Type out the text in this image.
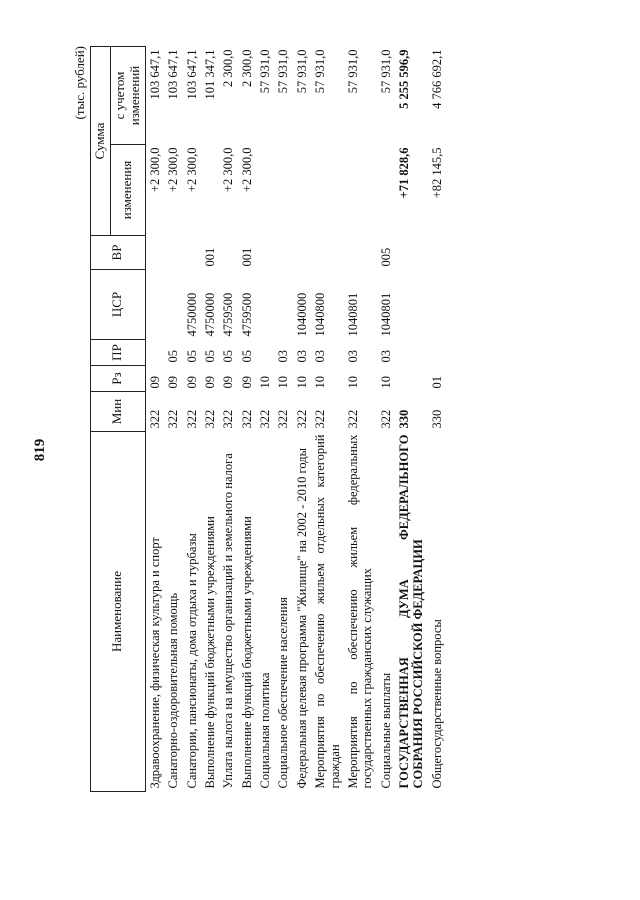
819
(тыс. рублей)
Наименование	Мин	Рз	ПР	ЦСР	ВР	Сумма	
						изменения	с учетом изменений
Здравоохранение, физическая культура и спорт	322	09				+2 300,0	103 647,1
Санаторно-оздоровительная помощь	322	09	05			+2 300,0	103 647,1
Санатории, пансионаты, дома отдыха и турбазы	322	09	05	4750000		+2 300,0	103 647,1
Выполнение функций бюджетными учреждениями	322	09	05	4750000	001		101 347,1
Уплата налога на имущество организаций и земельного налога	322	09	05	4759500		+2 300,0	2 300,0
Выполнение функций бюджетными учреждениями	322	09	05	4759500	001	+2 300,0	2 300,0
Социальная политика	322	10					57 931,0
Социальное обеспечение населения	322	10	03				57 931,0
Федеральная целевая программа "Жилище" на 2002 - 2010 годы	322	10	03	1040000			57 931,0
Мероприятия по обеспечению жильем отдельных категорий граждан	322	10	03	1040800			57 931,0
Мероприятия по обеспечению жильем федеральных государственных гражданских служащих	322	10	03	1040801			57 931,0
Социальные выплаты	322	10	03	1040801	005		57 931,0
ГОСУДАРСТВЕННАЯ ДУМА ФЕДЕРАЛЬНОГО СОБРАНИЯ РОССИЙСКОЙ ФЕДЕРАЦИИ	330					+71 828,6	5 255 596,9
Общегосударственные вопросы	330	01				+82 145,5	4 766 692,1
